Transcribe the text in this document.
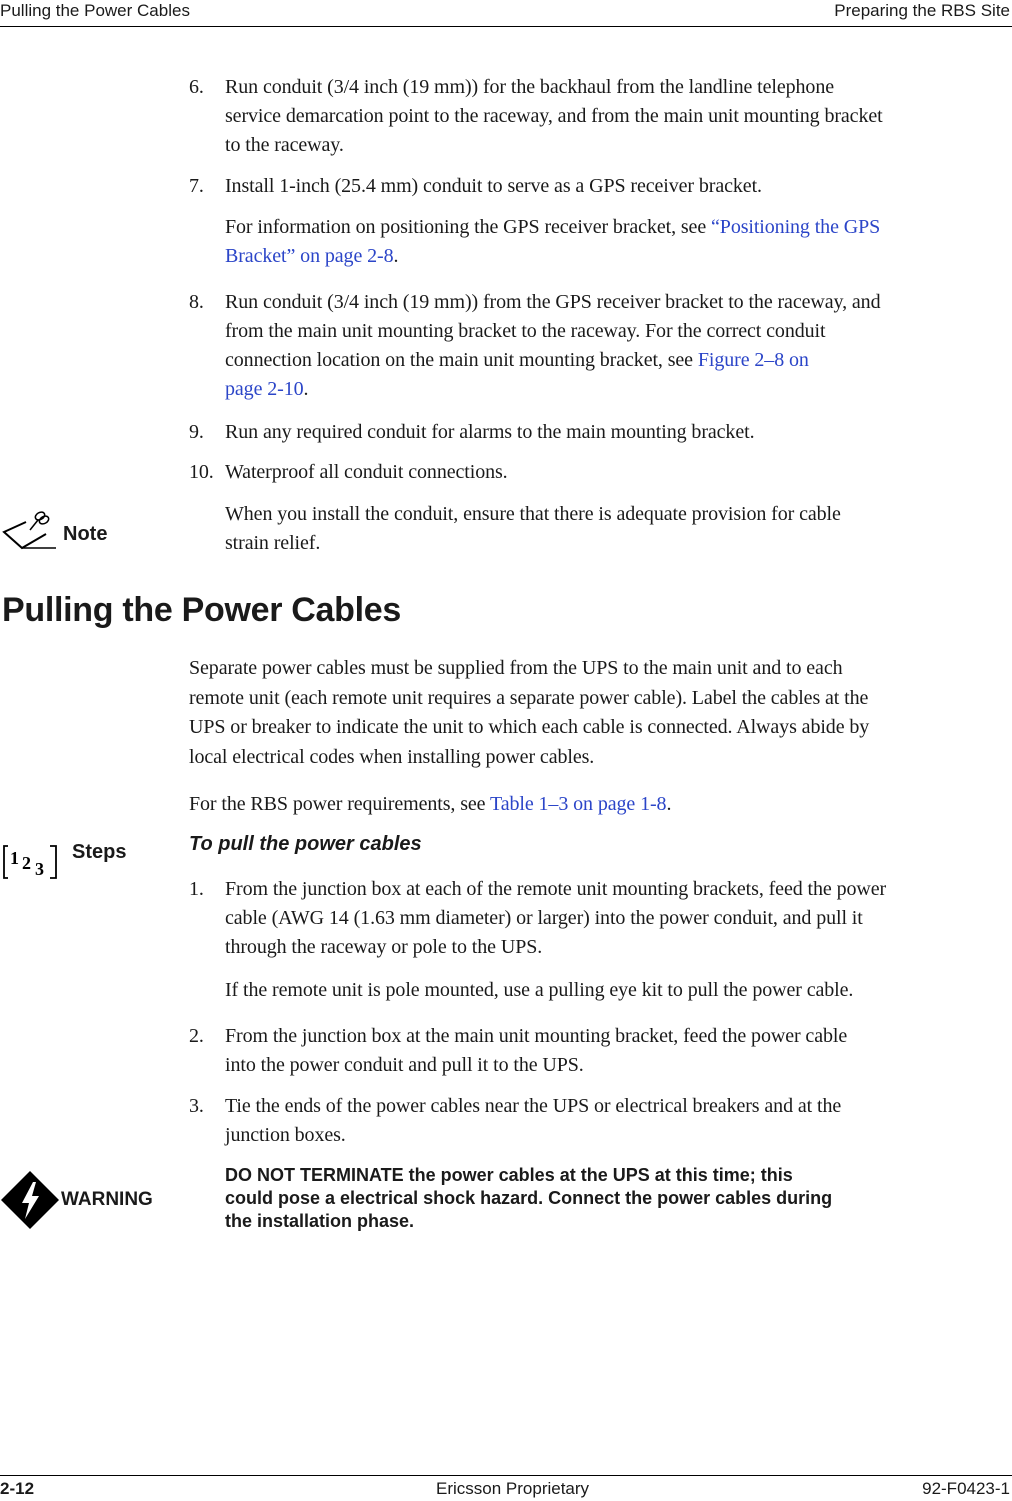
Pulling the Power Cables	Preparing the RBS Site
6. Run conduit (3/4 inch (19 mm)) for the backhaul from the landline telephone
service demarcation point to the raceway, and from the main unit mounting bracket
to the raceway.
7. Install 1-inch (25.4 mm) conduit to serve as a GPS receiver bracket.
For information on positioning the GPS receiver bracket, see “Positioning the GPS
Bracket” on page 2-8.
8. Run conduit (3/4 inch (19 mm)) from the GPS receiver bracket to the raceway, and
from the main unit mounting bracket to the raceway. For the correct conduit
connection location on the main unit mounting bracket, see Figure 2–8 on
page 2-10.
9. Run any required conduit for alarms to the main mounting bracket.
10. Waterproof all conduit connections.
Note
When you install the conduit, ensure that there is adequate provision for cable
strain relief.
Pulling the Power Cables
Separate power cables must be supplied from the UPS to the main unit and to each
remote unit (each remote unit requires a separate power cable). Label the cables at the
UPS or breaker to indicate the unit to which each cable is connected. Always abide by
local electrical codes when installing power cables.
For the RBS power requirements, see Table 1–3 on page 1-8.
1 2 3
Steps	To pull the power cables
1. From the junction box at each of the remote unit mounting brackets, feed the power
cable (AWG 14 (1.63 mm diameter) or larger) into the power conduit, and pull it
through the raceway or pole to the UPS.
If the remote unit is pole mounted, use a pulling eye kit to pull the power cable.
2. From the junction box at the main unit mounting bracket, feed the power cable
into the power conduit and pull it to the UPS.
3. Tie the ends of the power cables near the UPS or electrical breakers and at the
junction boxes.
WARNING
DO NOT TERMINATE the power cables at the UPS at this time; this
could pose a electrical shock hazard. Connect the power cables during
the installation phase.
2-12	Ericsson Proprietary	92-F0423-1
